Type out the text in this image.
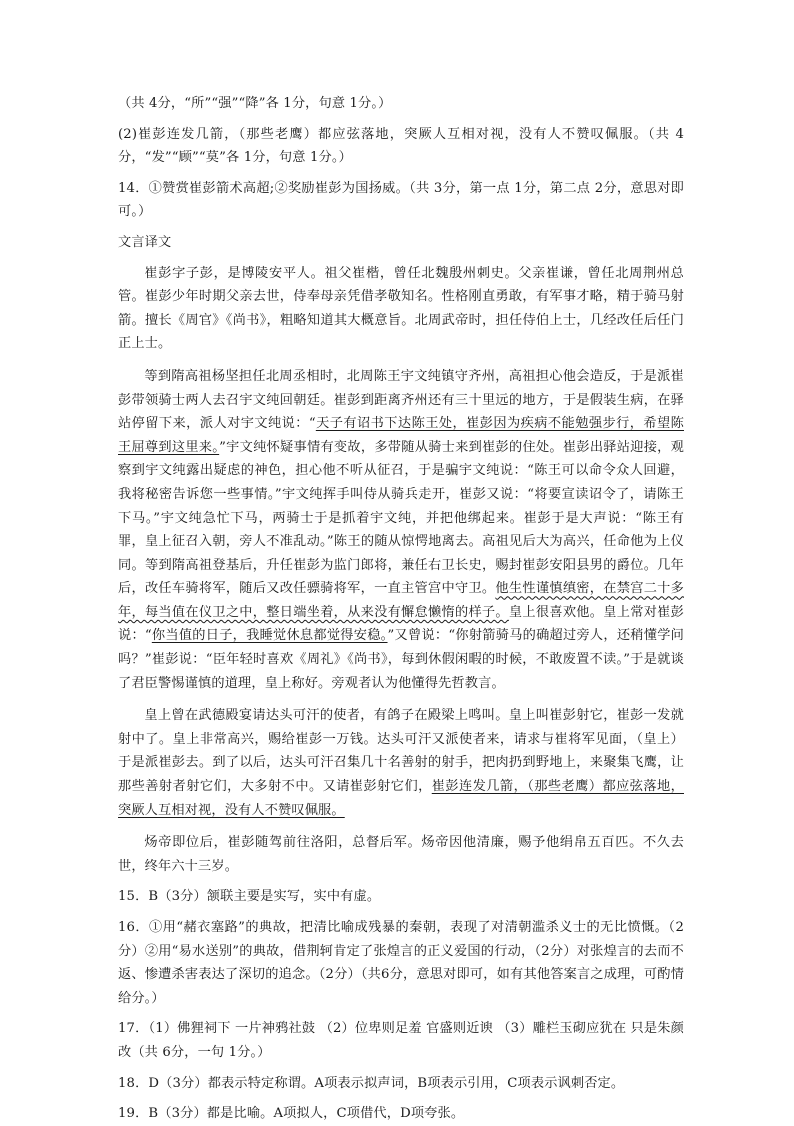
（共 4分，“所”“强”“降”各 1分，句意 1分。）

(2)崔彭连发几箭，（那些老鹰）都应弦落地，突厥人互相对视，没有人不赞叹佩服。（共 4分，“发”“顾”“莫”各 1分，句意 1分。）

14．①赞赏崔彭箭术高超;②奖励崔彭为国扬威。（共 3分，第一点 1分，第二点 2分，意思对即可。）

文言译文

崔彭字子彭，是博陵安平人。祖父崔楷，曾任北魏殷州刺史。父亲崔谦，曾任北周荆州总管。崔彭少年时期父亲去世，侍奉母亲凭借孝敬知名。性格刚直勇敢，有军事才略，精于骑马射箭。擅长《周官》《尚书》，粗略知道其大概意旨。北周武帝时，担任侍伯上士，几经改任后任门正上士。

等到隋高祖杨坚担任北周丞相时，北周陈王宇文纯镇守齐州，高祖担心他会造反，于是派崔彭带领骑士两人去召宇文纯回朝廷。崔彭到距离齐州还有三十里远的地方，于是假装生病，在驿站停留下来，派人对宇文纯说：“天子有诏书下达陈王处，崔彭因为疾病不能勉强步行，希望陈王屈尊到这里来。”宇文纯怀疑事情有变故，多带随从骑士来到崔彭的住处。崔彭出驿站迎接，观察到宇文纯露出疑虑的神色，担心他不听从征召，于是骗宇文纯说：“陈王可以命令众人回避，我将秘密告诉您一些事情。”宇文纯挥手叫侍从骑兵走开，崔彭又说：“将要宣读诏令了，请陈王下马。”宇文纯急忙下马，两骑士于是抓着宇文纯，并把他绑起来。崔彭于是大声说：“陈王有罪，皇上征召入朝，旁人不准乱动。”陈王的随从惊愕地离去。高祖见后大为高兴，任命他为上仪同。等到隋高祖登基后，升任崔彭为监门郎将，兼任右卫长史，赐封崔彭安阳县男的爵位。几年后，改任车骑将军，随后又改任骠骑将军，一直主管宫中守卫。他生性谨慎缜密，在禁宫二十多年，每当值在仪卫之中，整日端坐着，从来没有懈怠懒惰的样子。皇上很喜欢他。皇上常对崔彭说：“你当值的日子，我睡觉休息都觉得安稳。”又曾说：“你射箭骑马的确超过旁人，还稍懂学问吗？”崔彭说：“臣年轻时喜欢《周礼》《尚书》，每到休假闲暇的时候，不敢废置不读。”于是就谈了君臣警惕谨慎的道理，皇上称好。旁观者认为他懂得先哲教言。

皇上曾在武德殿宴请达头可汗的使者，有鸽子在殿梁上鸣叫。皇上叫崔彭射它，崔彭一发就射中了。皇上非常高兴，赐给崔彭一万钱。达头可汗又派使者来，请求与崔将军见面，（皇上）于是派崔彭去。到了以后，达头可汗召集几十名善射的射手，把肉扔到野地上，来聚集飞鹰，让那些善射者射它们，大多射不中。又请崔彭射它们，崔彭连发几箭，（那些老鹰）都应弦落地，突厥人互相对视，没有人不赞叹佩服。

炀帝即位后，崔彭随驾前往洛阳，总督后军。炀帝因他清廉，赐予他绢帛五百匹。不久去世，终年六十三岁。

15．B（3分）颔联主要是实写，实中有虚。

16．①用“赭衣塞路”的典故，把清比喻成残暴的秦朝，表现了对清朝滥杀义士的无比愤慨。（2分）②用“易水送别”的典故，借荆轲肯定了张煌言的正义爱国的行动，（2分）对张煌言的去而不返、惨遭杀害表达了深切的追念。（2分）（共6分，意思对即可，如有其他答案言之成理，可酌情给分。）

17．（1）佛狸祠下 一片神鸦社鼓 （2）位卑则足羞 官盛则近谀 （3）雕栏玉砌应犹在 只是朱颜改（共 6分，一句 1分。）

18．D（3分）都表示特定称谓。A项表示拟声词，B项表示引用，C项表示讽刺否定。

19．B（3分）都是比喻。A项拟人，C项借代，D项夸张。
